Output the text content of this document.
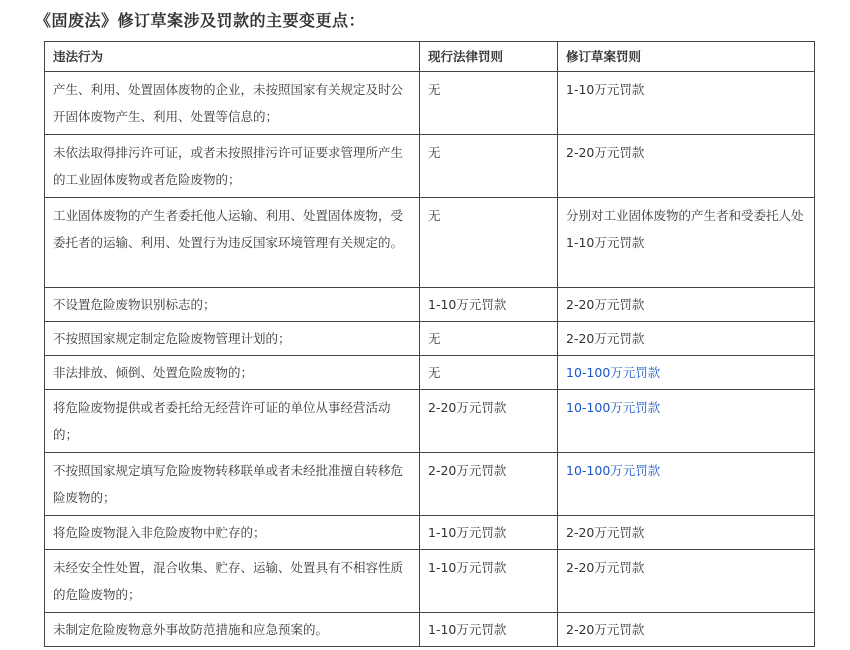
《固废法》修订草案涉及罚款的主要变更点：
违法行为	现行法律罚则	修订草案罚则
产生、利用、处置固体废物的企业，未按照国家有关规定及时公开固体废物产生、利用、处置等信息的；	无	1-10万元罚款
未依法取得排污许可证，或者未按照排污许可证要求管理所产生的工业固体废物或者危险废物的；	无	2-20万元罚款
工业固体废物的产生者委托他人运输、利用、处置固体废物，受委托者的运输、利用、处置行为违反国家环境管理有关规定的。	无	分别对工业固体废物的产生者和受委托人处1-10万元罚款
不设置危险废物识别标志的；	1-10万元罚款	2-20万元罚款
不按照国家规定制定危险废物管理计划的；	无	2-20万元罚款
非法排放、倾倒、处置危险废物的；	无	10-100万元罚款
将危险废物提供或者委托给无经营许可证的单位从事经营活动的；	2-20万元罚款	10-100万元罚款
不按照国家规定填写危险废物转移联单或者未经批准擅自转移危险废物的；	2-20万元罚款	10-100万元罚款
将危险废物混入非危险废物中贮存的；	1-10万元罚款	2-20万元罚款
未经安全性处置，混合收集、贮存、运输、处置具有不相容性质的危险废物的；	1-10万元罚款	2-20万元罚款
未制定危险废物意外事故防范措施和应急预案的。	1-10万元罚款	2-20万元罚款
